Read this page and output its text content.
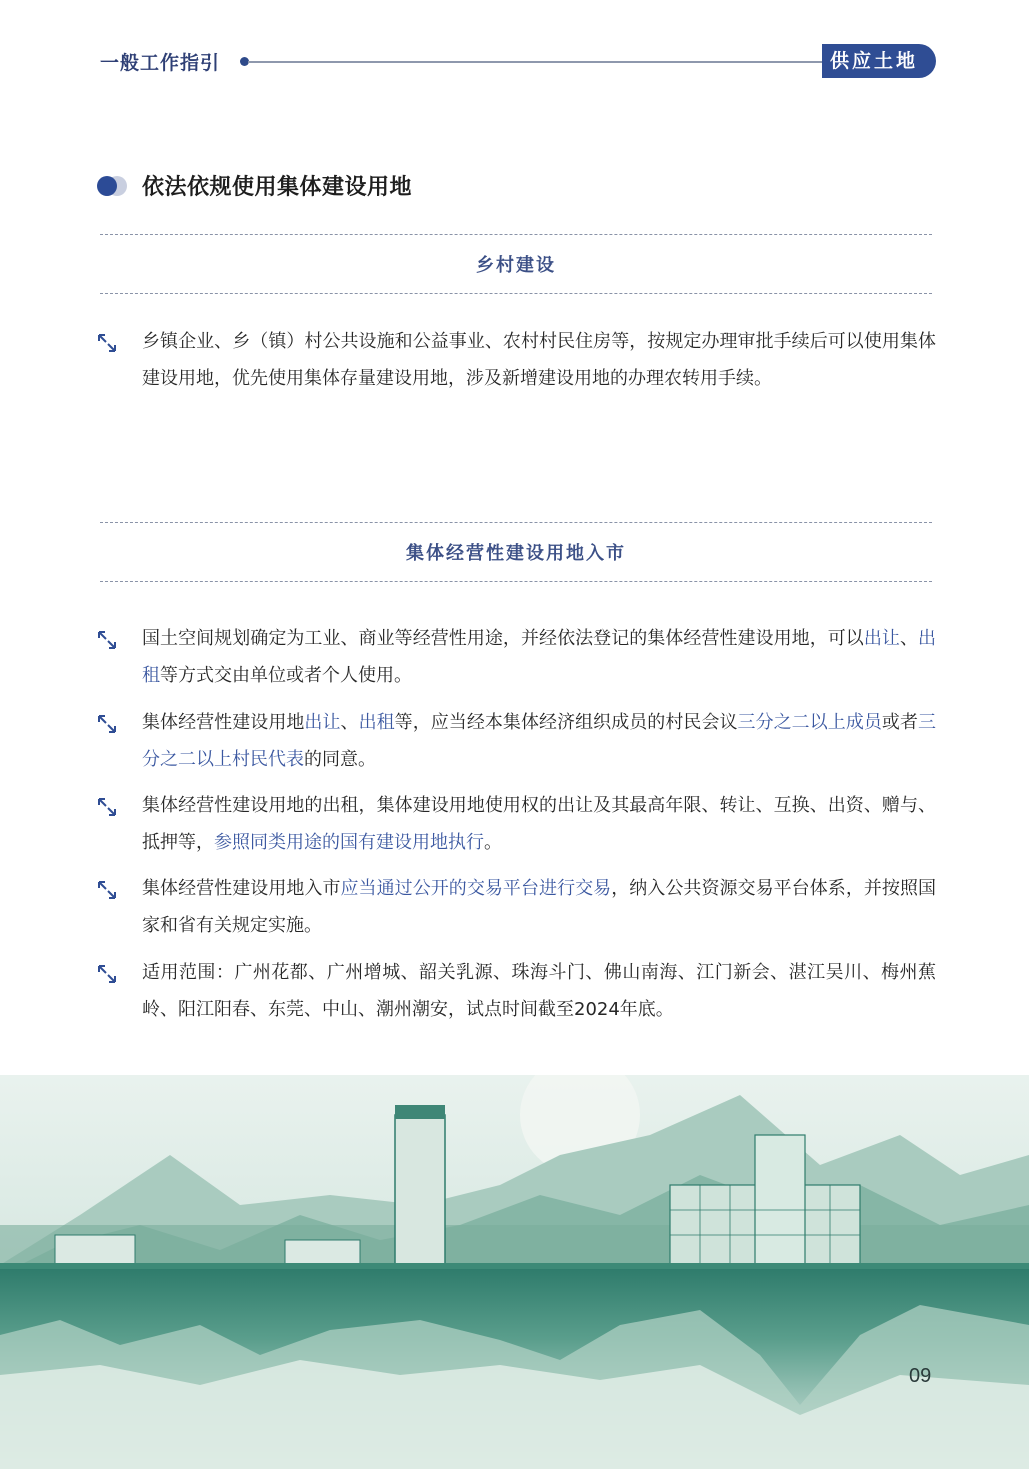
一般工作指引	供应土地
依法依规使用集体建设用地
乡村建设
乡镇企业、乡（镇）村公共设施和公益事业、农村村民住房等，按规定办理审批手续后可以使用集体建设用地，优先使用集体存量建设用地，涉及新增建设用地的办理农转用手续。
集体经营性建设用地入市
国土空间规划确定为工业、商业等经营性用途，并经依法登记的集体经营性建设用地，可以出让、出租等方式交由单位或者个人使用。
集体经营性建设用地出让、出租等，应当经本集体经济组织成员的村民会议三分之二以上成员或者三分之二以上村民代表的同意。
集体经营性建设用地的出租，集体建设用地使用权的出让及其最高年限、转让、互换、出资、赠与、抵押等，参照同类用途的国有建设用地执行。
集体经营性建设用地入市应当通过公开的交易平台进行交易，纳入公共资源交易平台体系，并按照国家和省有关规定实施。
适用范围：广州花都、广州增城、韶关乳源、珠海斗门、佛山南海、江门新会、湛江吴川、梅州蕉岭、阳江阳春、东莞、中山、潮州潮安，试点时间截至2024年底。
09
